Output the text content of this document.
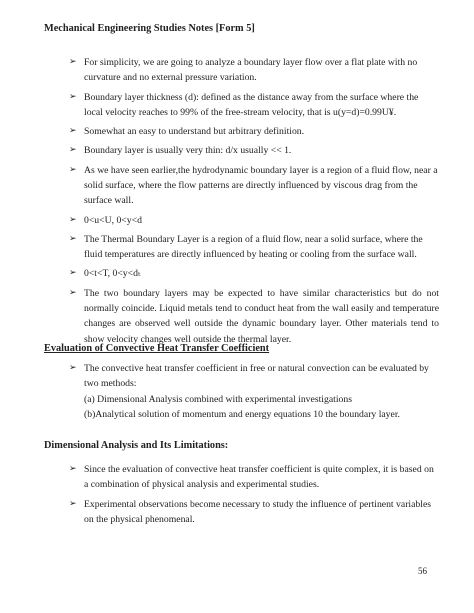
Mechanical Engineering Studies Notes [Form 5]
➢ For simplicity, we are going to analyze a boundary layer flow over a flat plate with no curvature and no external pressure variation.
➢ Boundary layer thickness (d): defined as the distance away from the surface where the local velocity reaches to 99% of the free-stream velocity, that is u(y=d)=0.99U¥.
➢ Somewhat an easy to understand but arbitrary definition.
➢ Boundary layer is usually very thin: d/x usually << 1.
➢ As we have seen earlier,the hydrodynamic boundary layer is a region of a fluid flow, near a solid surface, where the flow patterns are directly influenced by viscous drag from the surface wall.
➢ 0<u<U, 0<y<d
➢ The Thermal Boundary Layer is a region of a fluid flow, near a solid surface, where the fluid temperatures are directly influenced by heating or cooling from the surface wall.
➢ 0<t<T, 0<y<dₜ
➢ The two boundary layers may be expected to have similar characteristics but do not normally coincide. Liquid metals tend to conduct heat from the wall easily and temperature changes are observed well outside the dynamic boundary layer. Other materials tend to show velocity changes well outside the thermal layer.
Evaluation of Convective Heat Transfer Coefficient
➢ The convective heat transfer coefficient in free or natural convection can be evaluated by two methods:
(a) Dimensional Analysis combined with experimental investigations
(b)Analytical solution of momentum and energy equations 10 the boundary layer.
Dimensional Analysis and Its Limitations:
➢ Since the evaluation of convective heat transfer coefficient is quite complex, it is based on a combination of physical analysis and experimental studies.
➢ Experimental observations become necessary to study the influence of pertinent variables on the physical phenomenal.
56
